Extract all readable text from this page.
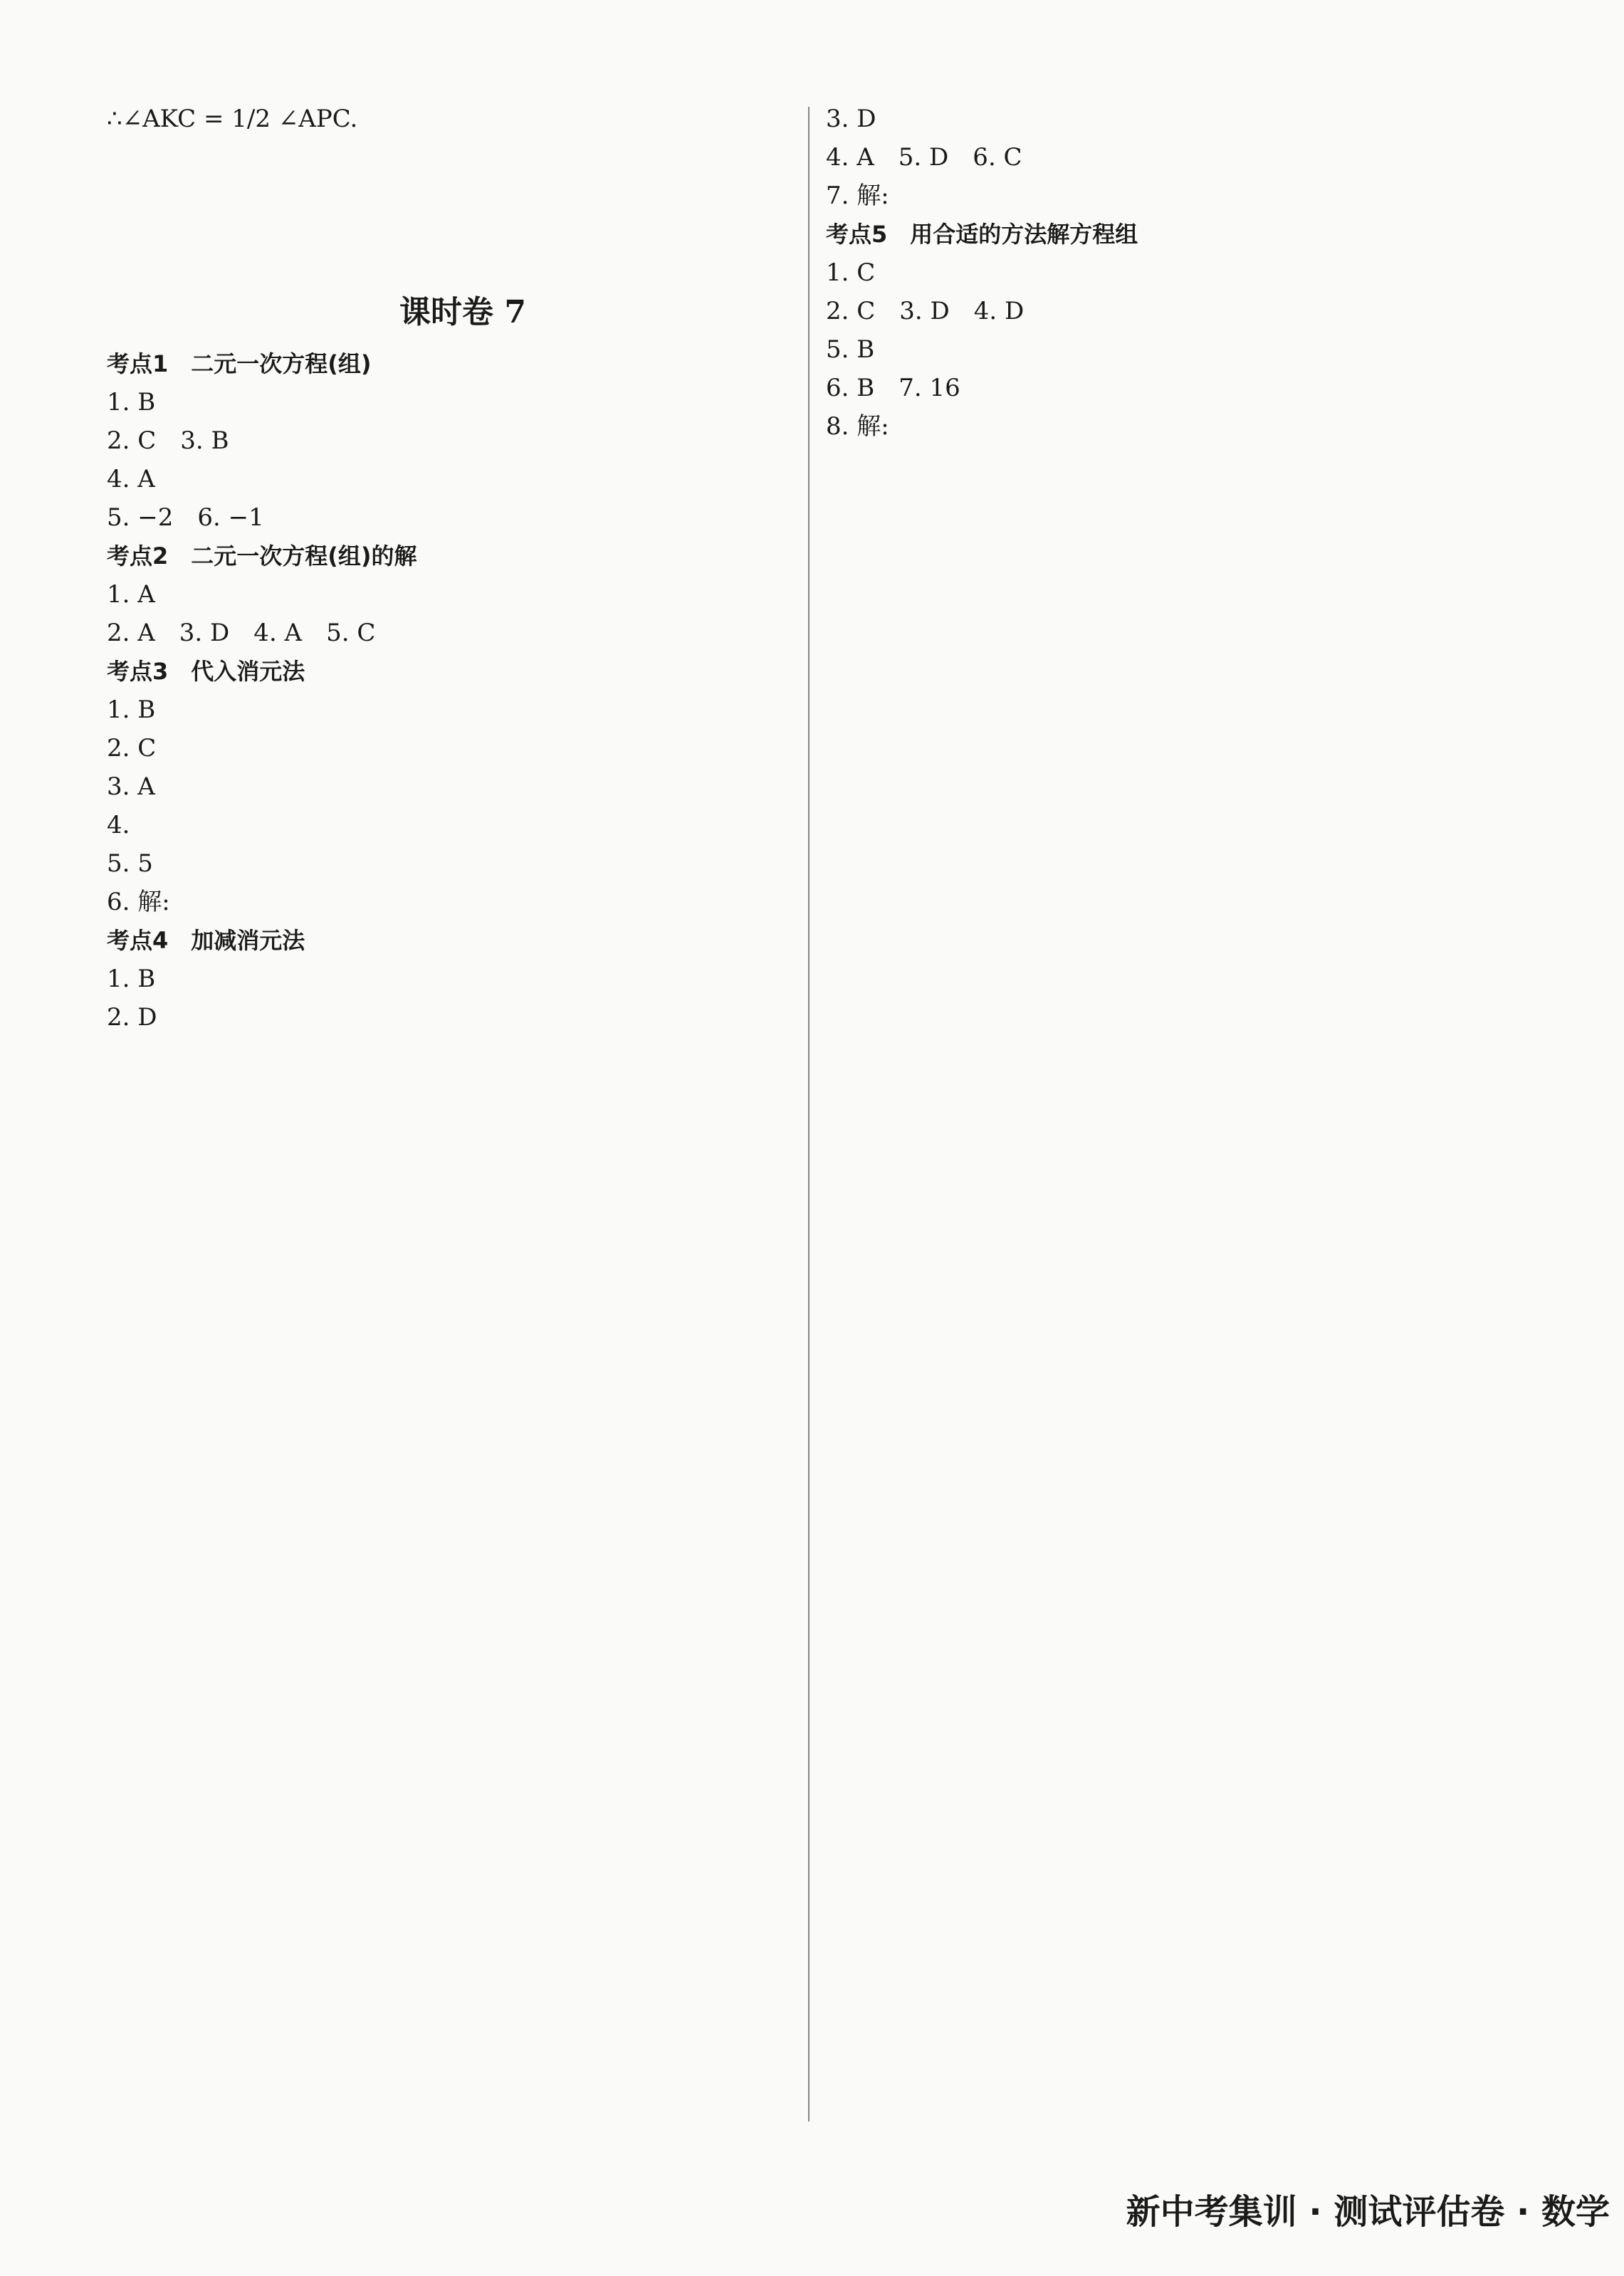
∴∠AKC = 1/2 ∠APC.
课时卷 7
考点1　二元一次方程(组)
1. B
2. C　3. B
4. A
5. −2　6. −1
考点2　二元一次方程(组)的解
1. A
2. A　3. D　4. A　5. C
考点3　代入消元法
1. B
2. C
3. A
4.
5. 5
6. 解:
考点4　加减消元法
1. B
2. D
3. D
4. A　5. D　6. C
7. 解:
考点5　用合适的方法解方程组
1. C
2. C　3. D　4. D
5. B
6. B　7. 16
8. 解:
新中考集训 · 测试评估卷 · 数学
